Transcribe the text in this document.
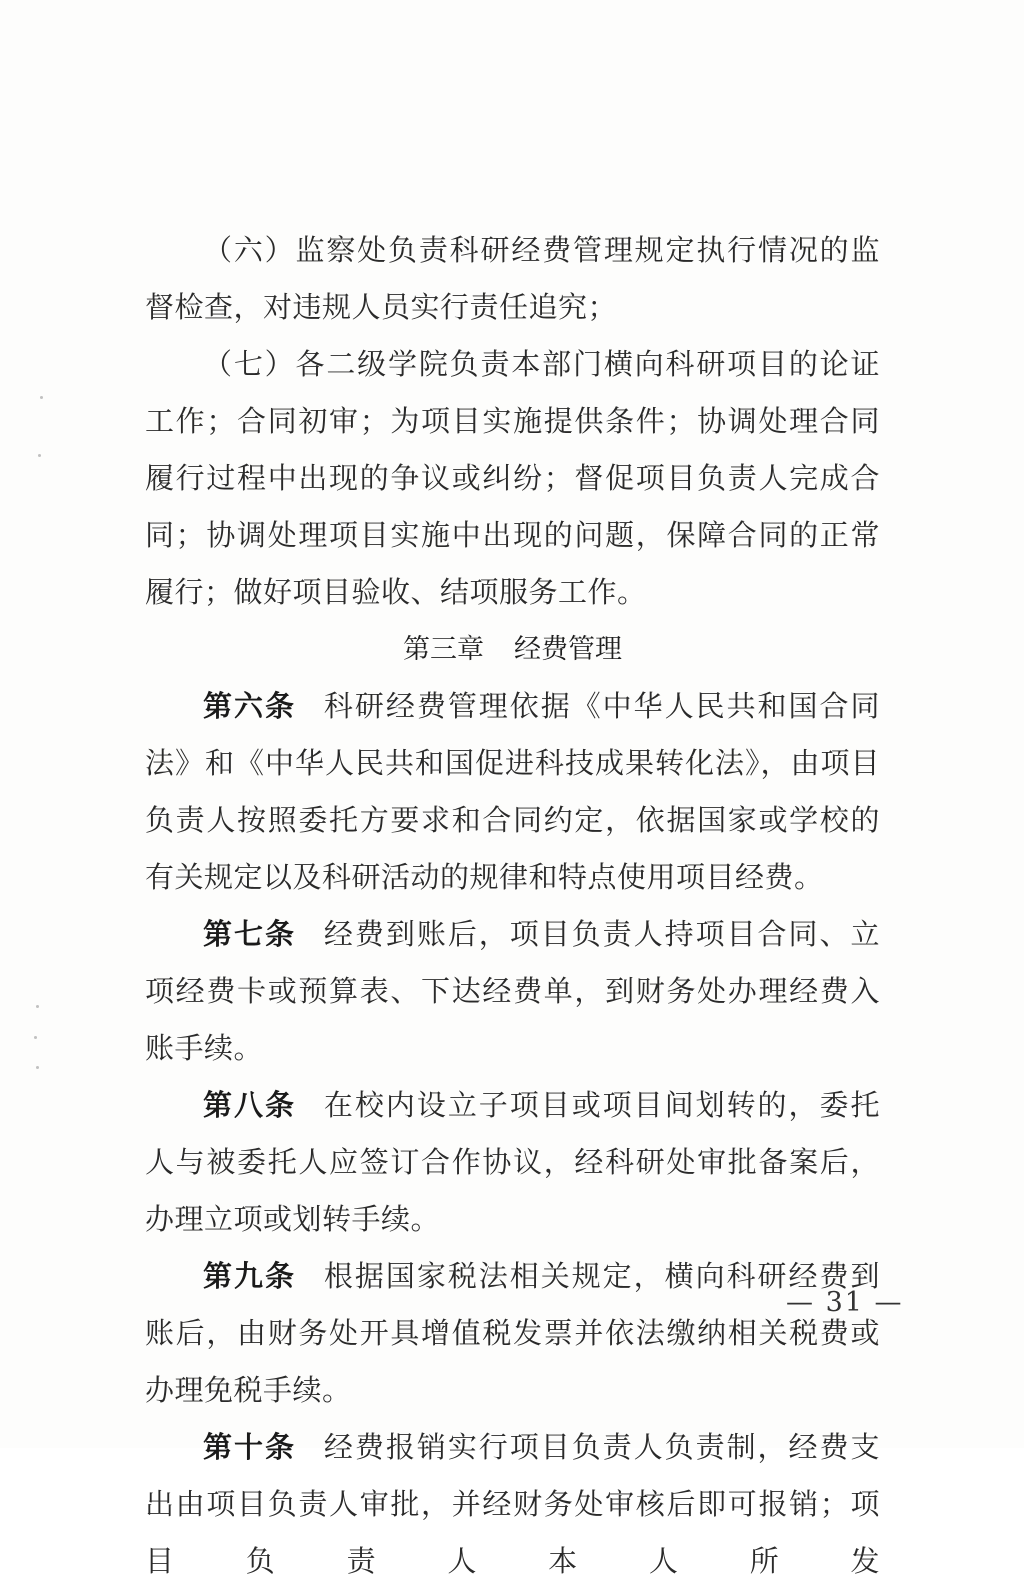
（六）监察处负责科研经费管理规定执行情况的监督检查，对违规人员实行责任追究；

（七）各二级学院负责本部门横向科研项目的论证工作；合同初审；为项目实施提供条件；协调处理合同履行过程中出现的争议或纠纷；督促项目负责人完成合同；协调处理项目实施中出现的问题，保障合同的正常履行；做好项目验收、结项服务工作。

第三章 经费管理

第六条 科研经费管理依据《中华人民共和国合同法》和《中华人民共和国促进科技成果转化法》，由项目负责人按照委托方要求和合同约定，依据国家或学校的有关规定以及科研活动的规律和特点使用项目经费。

第七条 经费到账后，项目负责人持项目合同、立项经费卡或预算表、下达经费单，到财务处办理经费入账手续。

第八条 在校内设立子项目或项目间划转的，委托人与被委托人应签订合作协议，经科研处审批备案后，办理立项或划转手续。

第九条 根据国家税法相关规定，横向科研经费到账后，由财务处开具增值税发票并依法缴纳相关税费或办理免税手续。

第十条 经费报销实行项目负责人负责制，经费支出由项目负责人审批，并经财务处审核后即可报销；项目负责人本人所发

— 31 —
